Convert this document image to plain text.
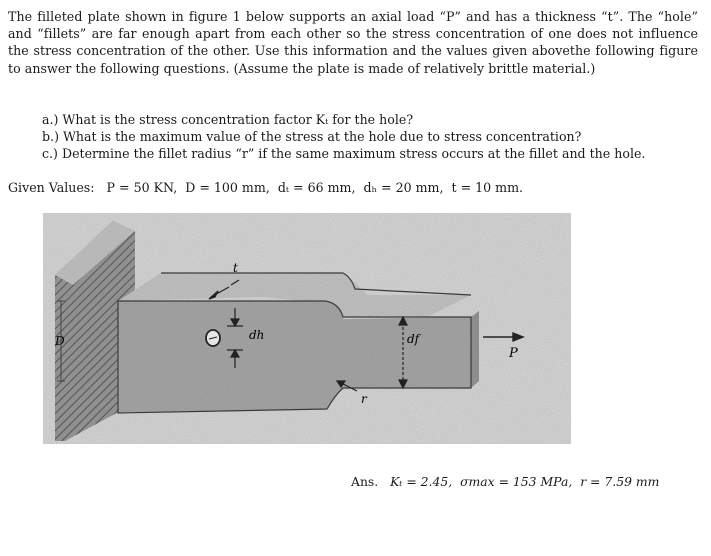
The filleted plate shown in figure 1 below supports an axial load “P” and has a thickness “t”. The “hole” and “fillets” are far enough apart from each other so the stress concentration of one does not influence the stress concentration of the other. Use this information and the values given abovethe following figure to answer the following questions. (Assume the plate is made of relatively brittle material.)

a.) What is the stress concentration factor Kₜ for the hole?
b.) What is the maximum value of the stress at the hole due to stress concentration?
c.) Determine the fillet radius “r” if the same maximum stress occurs at the fillet and the hole.
Given Values: P = 50 KN, D = 100 mm, dₜ = 66 mm, dₕ = 20 mm, t = 10 mm.
t
dh	df
P
D
r
Ans. Kₜ = 2.45, σmax = 153 MPa, r = 7.59 mm
